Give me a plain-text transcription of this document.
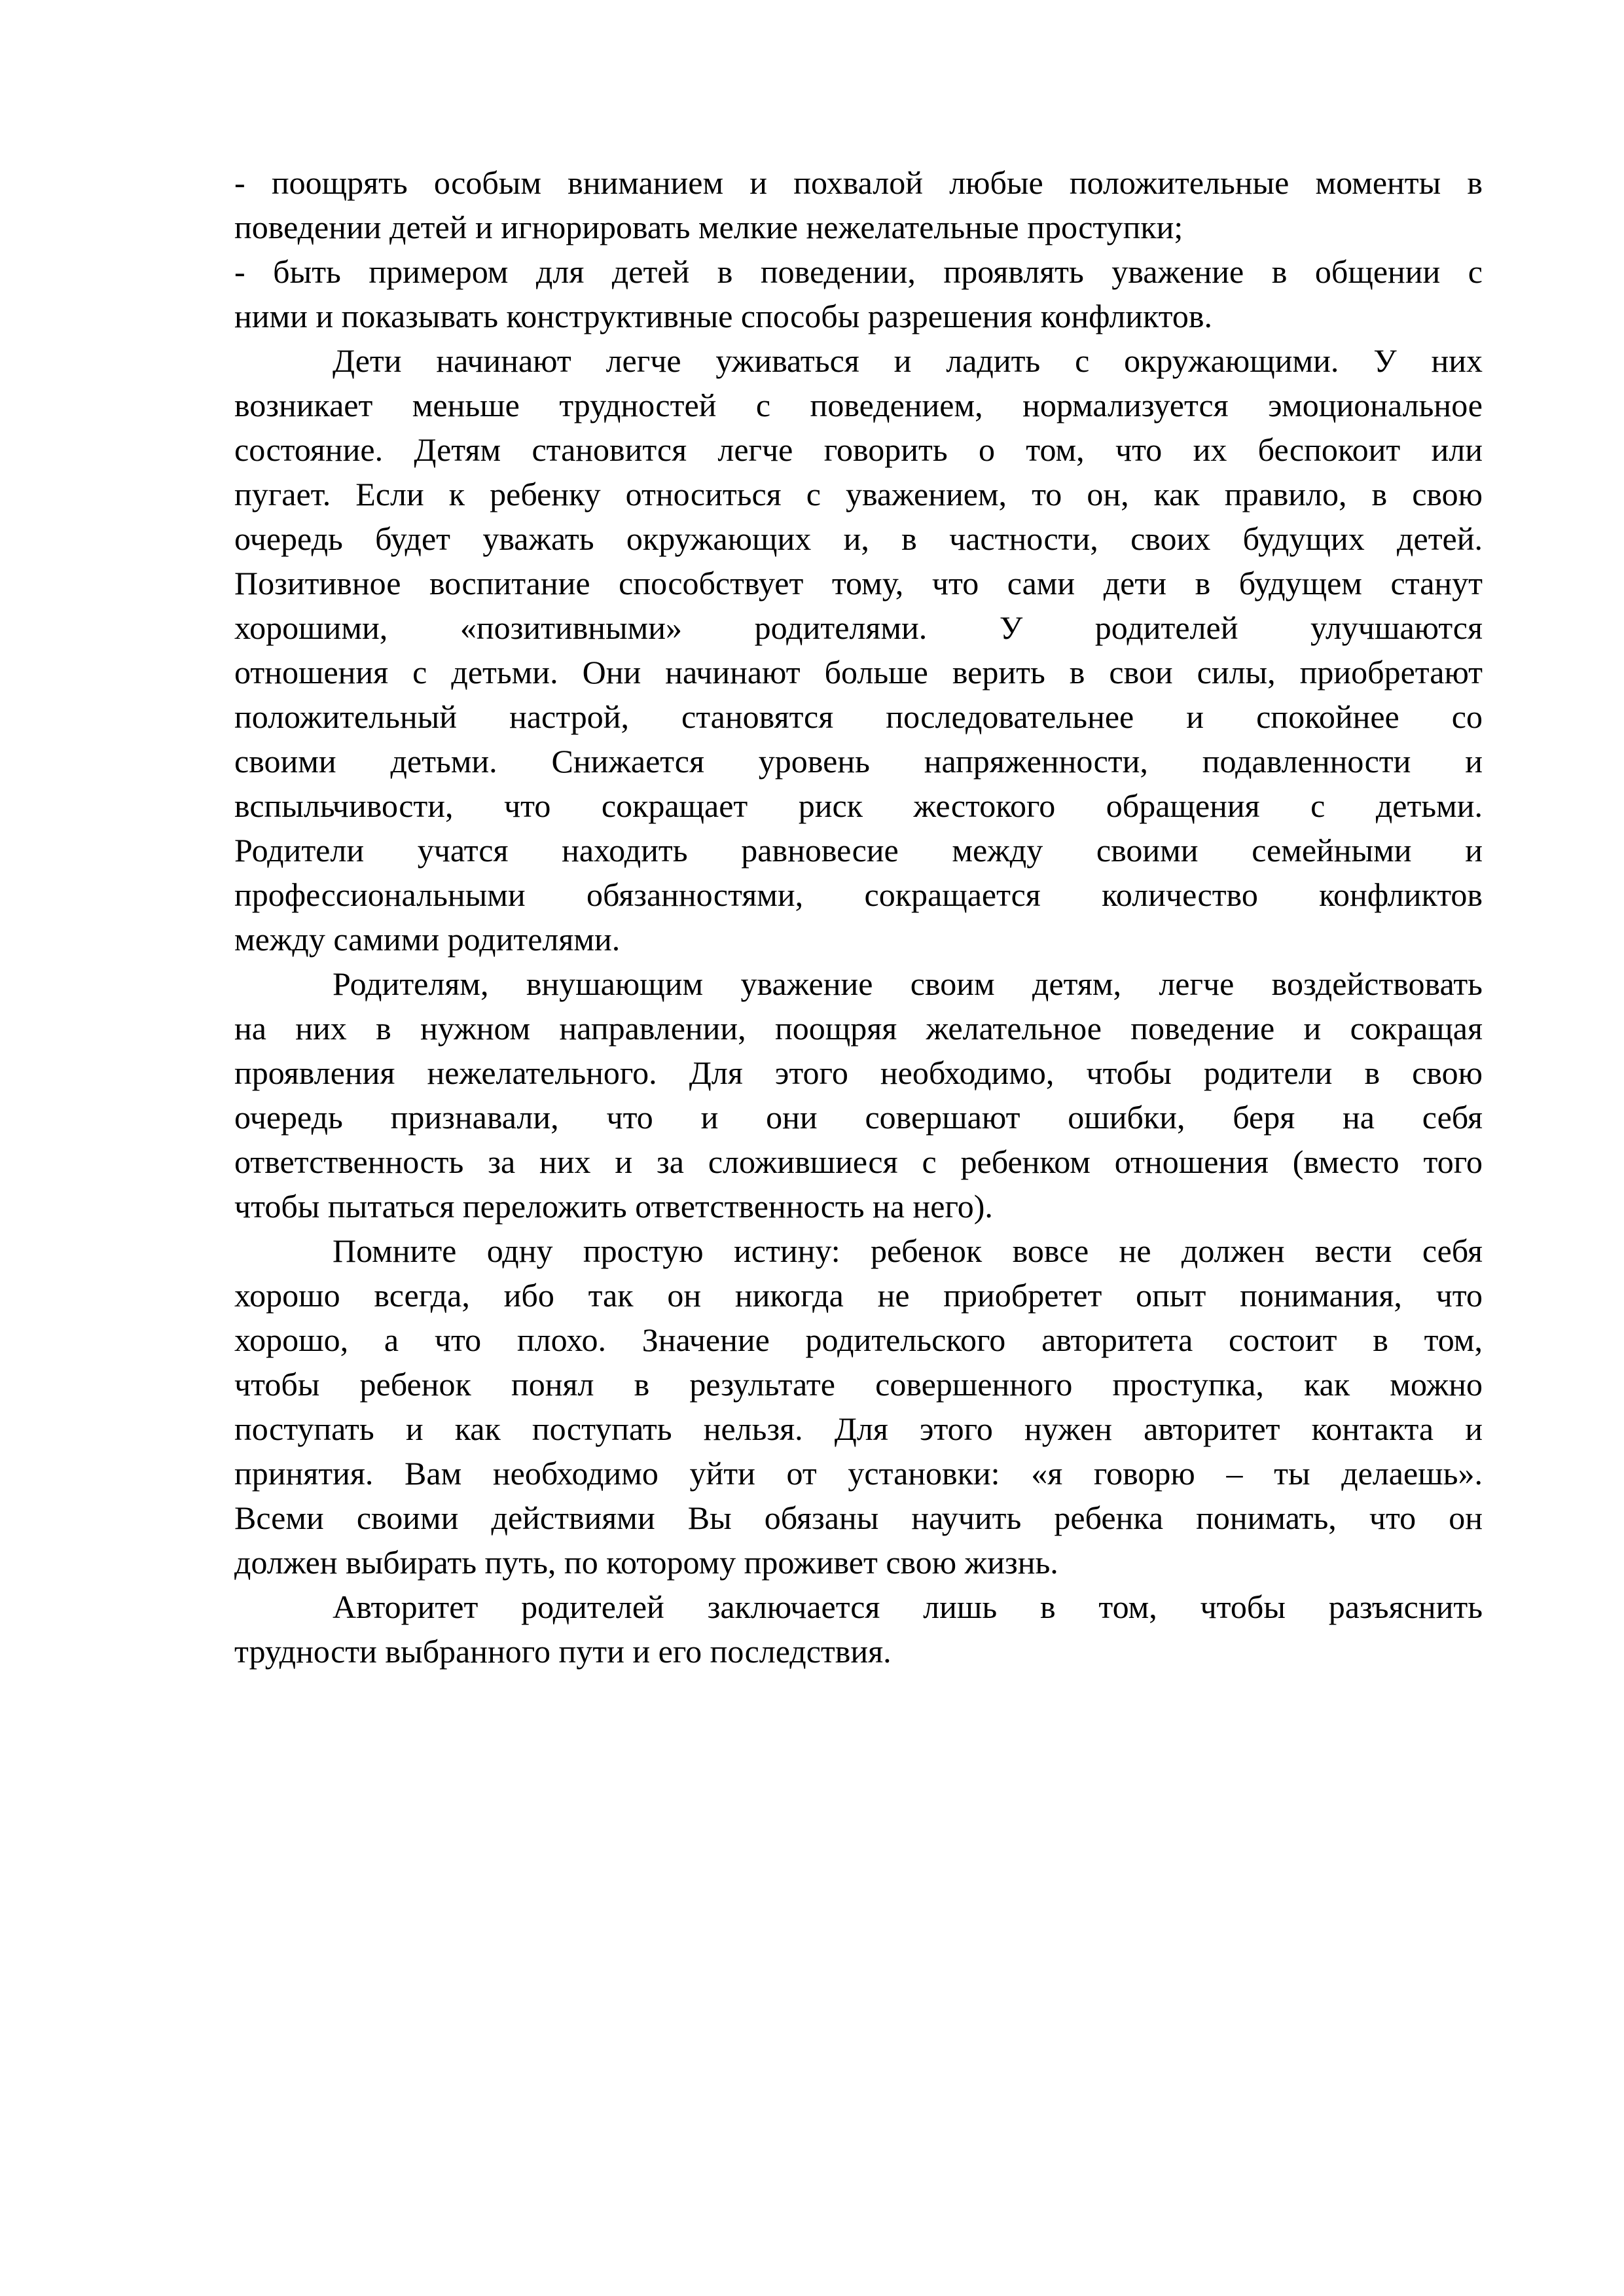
- поощрять особым вниманием и похвалой любые положительные моменты в
поведении детей и игнорировать мелкие нежелательные проступки;
- быть примером для детей в поведении, проявлять уважение в общении с
ними и показывать конструктивные способы разрешения конфликтов.
Дети начинают легче уживаться и ладить с окружающими. У них
возникает меньше трудностей с поведением, нормализуется эмоциональное
состояние. Детям становится легче говорить о том, что их беспокоит или
пугает. Если к ребенку относиться с уважением, то он, как правило, в свою
очередь будет уважать окружающих и, в частности, своих будущих детей.
Позитивное воспитание способствует тому, что сами дети в будущем станут
хорошими, «позитивными» родителями. У родителей улучшаются
отношения с детьми. Они начинают больше верить в свои силы, приобретают
положительный настрой, становятся последовательнее и спокойнее со
своими детьми. Снижается уровень напряженности, подавленности и
вспыльчивости, что сокращает риск жестокого обращения с детьми.
Родители учатся находить равновесие между своими семейными и
профессиональными обязанностями, сокращается количество конфликтов
между самими родителями.
Родителям, внушающим уважение своим детям, легче воздействовать
на них в нужном направлении, поощряя желательное поведение и сокращая
проявления нежелательного. Для этого необходимо, чтобы родители в свою
очередь признавали, что и они совершают ошибки, беря на себя
ответственность за них и за сложившиеся с ребенком отношения (вместо того
чтобы пытаться переложить ответственность на него).
Помните одну простую истину: ребенок вовсе не должен вести себя
хорошо всегда, ибо так он никогда не приобретет опыт понимания, что
хорошо, а что плохо. Значение родительского авторитета состоит в том,
чтобы ребенок понял в результате совершенного проступка, как можно
поступать и как поступать нельзя. Для этого нужен авторитет контакта и
принятия. Вам необходимо уйти от установки: «я говорю – ты делаешь».
Всеми своими действиями Вы обязаны научить ребенка понимать, что он
должен выбирать путь, по которому проживет свою жизнь.
Авторитет родителей заключается лишь в том, чтобы разъяснить
трудности выбранного пути и его последствия.
